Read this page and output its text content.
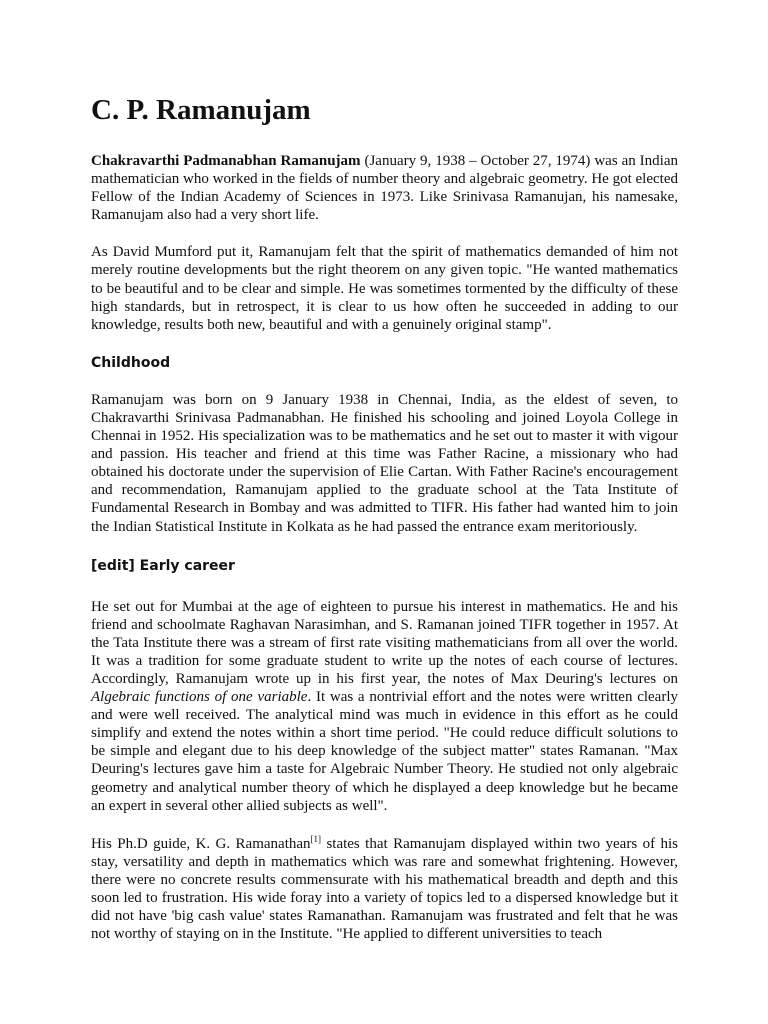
C. P. Ramanujam

Chakravarthi Padmanabhan Ramanujam (January 9, 1938 – October 27, 1974) was an Indian mathematician who worked in the fields of number theory and algebraic geometry. He got elected Fellow of the Indian Academy of Sciences in 1973. Like Srinivasa Ramanujan, his namesake, Ramanujam also had a very short life.

As David Mumford put it, Ramanujam felt that the spirit of mathematics demanded of him not merely routine developments but the right theorem on any given topic. "He wanted mathematics to be beautiful and to be clear and simple. He was sometimes tormented by the difficulty of these high standards, but in retrospect, it is clear to us how often he succeeded in adding to our knowledge, results both new, beautiful and with a genuinely original stamp".

Childhood

Ramanujam was born on 9 January 1938 in Chennai, India, as the eldest of seven, to Chakravarthi Srinivasa Padmanabhan. He finished his schooling and joined Loyola College in Chennai in 1952. His specialization was to be mathematics and he set out to master it with vigour and passion. His teacher and friend at this time was Father Racine, a missionary who had obtained his doctorate under the supervision of Elie Cartan. With Father Racine's encouragement and recommendation, Ramanujam applied to the graduate school at the Tata Institute of Fundamental Research in Bombay and was admitted to TIFR. His father had wanted him to join the Indian Statistical Institute in Kolkata as he had passed the entrance exam meritoriously.

[edit] Early career

He set out for Mumbai at the age of eighteen to pursue his interest in mathematics. He and his friend and schoolmate Raghavan Narasimhan, and S. Ramanan joined TIFR together in 1957. At the Tata Institute there was a stream of first rate visiting mathematicians from all over the world. It was a tradition for some graduate student to write up the notes of each course of lectures. Accordingly, Ramanujam wrote up in his first year, the notes of Max Deuring's lectures on Algebraic functions of one variable. It was a nontrivial effort and the notes were written clearly and were well received. The analytical mind was much in evidence in this effort as he could simplify and extend the notes within a short time period. "He could reduce difficult solutions to be simple and elegant due to his deep knowledge of the subject matter" states Ramanan. "Max Deuring's lectures gave him a taste for Algebraic Number Theory. He studied not only algebraic geometry and analytical number theory of which he displayed a deep knowledge but he became an expert in several other allied subjects as well".

His Ph.D guide, K. G. Ramanathan[1] states that Ramanujam displayed within two years of his stay, versatility and depth in mathematics which was rare and somewhat frightening. However, there were no concrete results commensurate with his mathematical breadth and depth and this soon led to frustration. His wide foray into a variety of topics led to a dispersed knowledge but it did not have 'big cash value' states Ramanathan. Ramanujam was frustrated and felt that he was not worthy of staying on in the Institute. "He applied to different universities to teach
